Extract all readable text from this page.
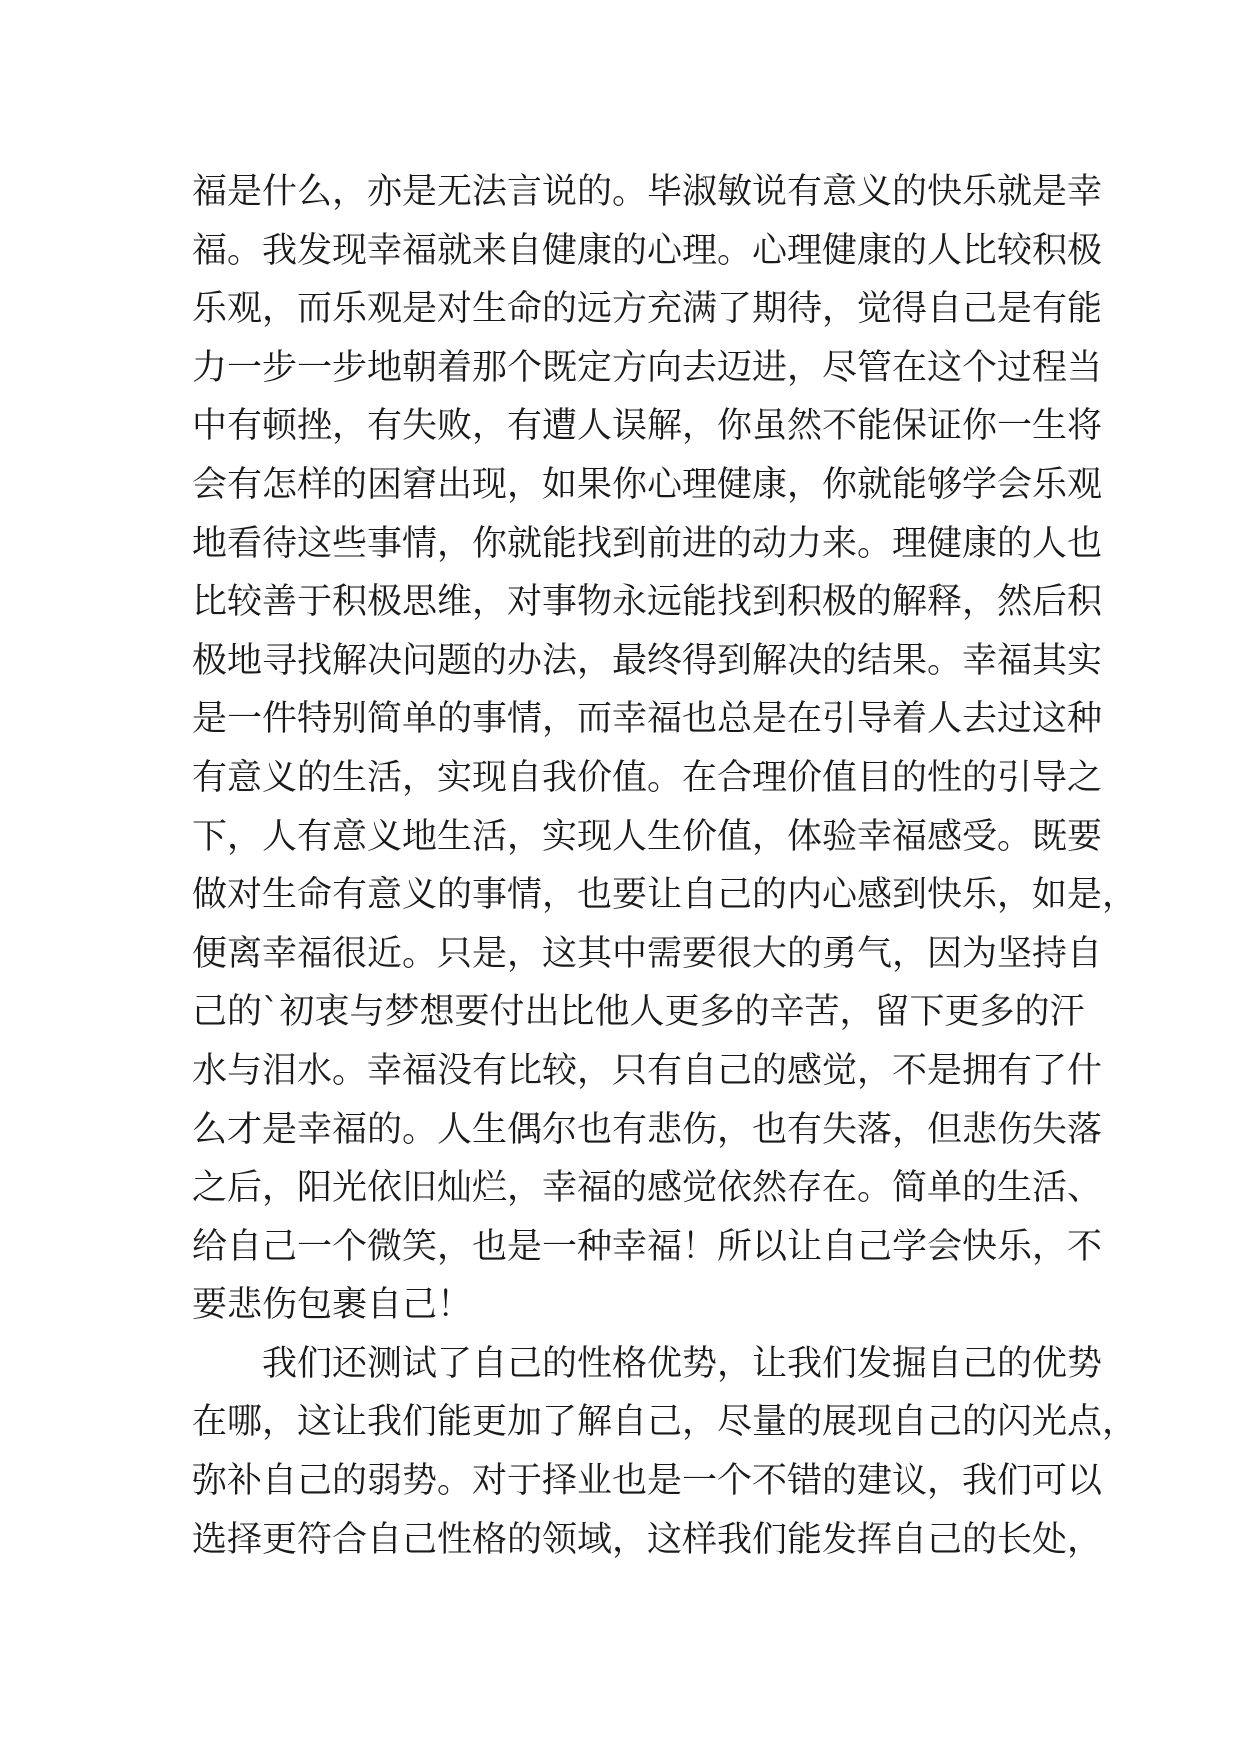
福是什么，亦是无法言说的。毕淑敏说有意义的快乐就是幸
福。我发现幸福就来自健康的心理。心理健康的人比较积极
乐观，而乐观是对生命的远方充满了期待，觉得自己是有能
力一步一步地朝着那个既定方向去迈进，尽管在这个过程当
中有顿挫，有失败，有遭人误解，你虽然不能保证你一生将
会有怎样的困窘出现，如果你心理健康，你就能够学会乐观
地看待这些事情，你就能找到前进的动力来。理健康的人也
比较善于积极思维，对事物永远能找到积极的解释，然后积
极地寻找解决问题的办法，最终得到解决的结果。幸福其实
是一件特别简单的事情，而幸福也总是在引导着人去过这种
有意义的生活，实现自我价值。在合理价值目的性的引导之
下，人有意义地生活，实现人生价值，体验幸福感受。既要
做对生命有意义的事情，也要让自己的内心感到快乐，如是，
便离幸福很近。只是，这其中需要很大的勇气，因为坚持自
己的`初衷与梦想要付出比他人更多的辛苦，留下更多的汗
水与泪水。幸福没有比较，只有自己的感觉，不是拥有了什
么才是幸福的。人生偶尔也有悲伤，也有失落，但悲伤失落
之后，阳光依旧灿烂，幸福的感觉依然存在。简单的生活、
给自己一个微笑，也是一种幸福！所以让自己学会快乐，不
要悲伤包裹自己！
我们还测试了自己的性格优势，让我们发掘自己的优势
在哪，这让我们能更加了解自己，尽量的展现自己的闪光点，
弥补自己的弱势。对于择业也是一个不错的建议，我们可以
选择更符合自己性格的领域，这样我们能发挥自己的长处，
